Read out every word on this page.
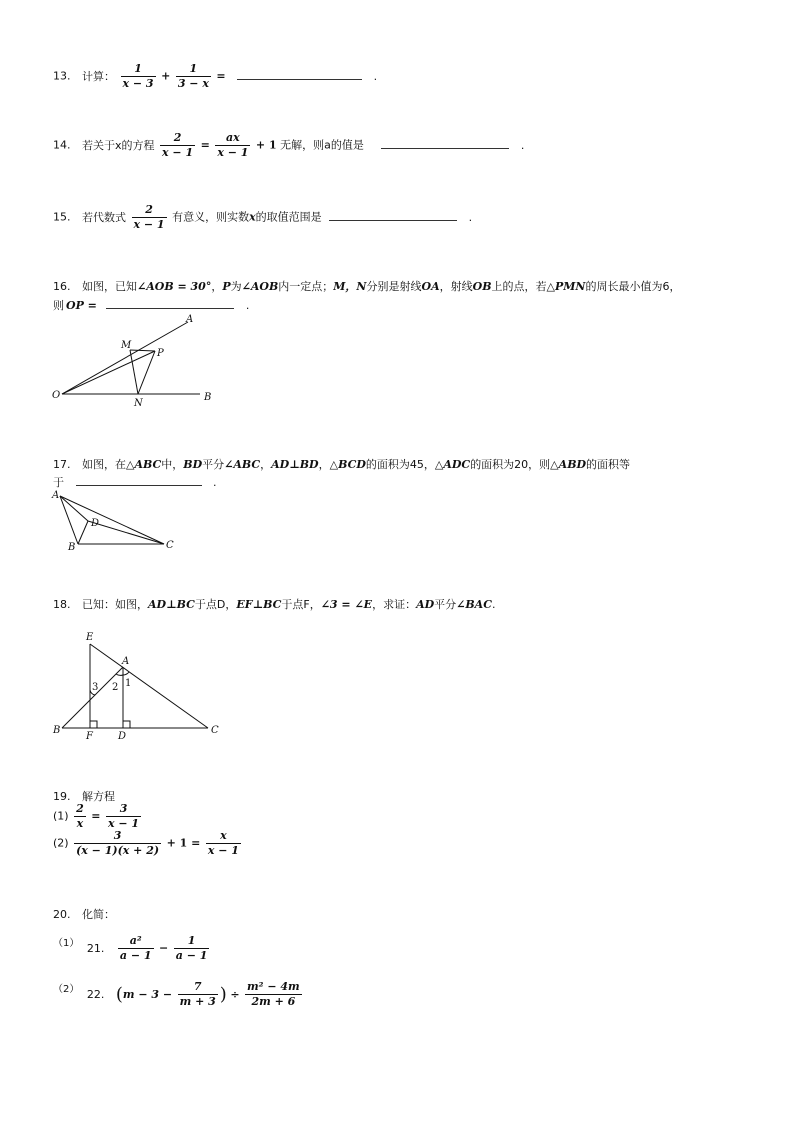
13. 计算： $\frac{1}{x - 3} + \frac{1}{3 - x}$ =	.
14. 若关于x的方程 $\frac{2}{x - 1} = \frac{ax}{x - 1} + 1$ 无解，则a的值是	.
15. 若代数式 $\frac{2}{x - 1}$ 有意义，则实数x的取值范围是	.
16. 如图，已知∠AOB = 30°，P为∠AOB内一定点；M，N分别是射线OA，射线OB上的点，若△PMN的周长最小值为6，
则 OP =	.
A
M
P
O
N
B
17. 如图，在△ABC中，BD平分∠ABC，AD⊥BD，△BCD的面积为45，△ADC的面积为20，则△ABD的面积等
于	.
A
D
B	C
18. 已知：如图，AD⊥BC于点D，EF⊥BC于点F，∠3 = ∠E，求证：AD平分∠BAC.
E
A
1
2
3
B
F	D
C
19. 解方程
$(1) \frac{2}{x} = \frac{3}{x - 1}$
$(2) \frac{3}{(x - 1)(x + 2)} + 1 = \frac{x}{x - 1}$
20. 化简：
（1） 21. $\frac{\text{a²}}{a - 1} - \frac{1}{a - 1}$
（2） 22. ($m - 3 - \frac{7}{m + 3}$ ) ÷ $\frac{\text{m² − 4m}}{2m + 6}$
